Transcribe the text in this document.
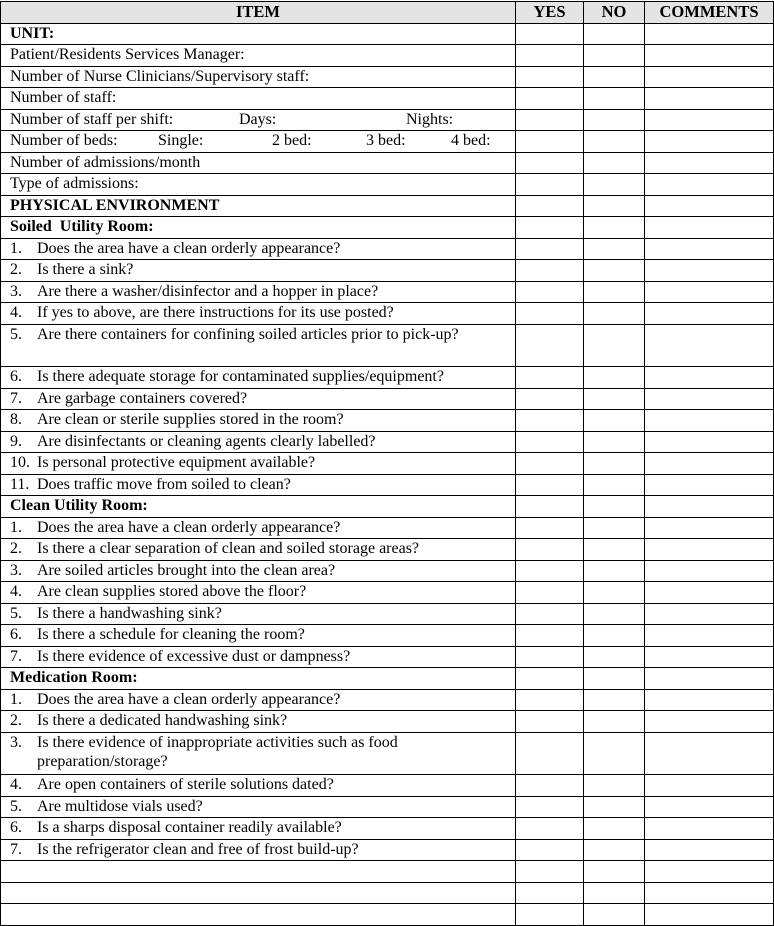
ITEM	YES	NO	COMMENTS
UNIT:			
Patient/Residents Services Manager:			
Number of Nurse Clinicians/Supervisory staff:			
Number of staff:			

Number of staff per shift: Days: Nights:			

Number of beds: Single: 2 bed: 3 bed: 4 bed:			

Number of admissions/month			
Type of admissions:			
PHYSICAL ENVIRONMENT			
Soiled  Utility Room:			

1. Does the area have a clean orderly appearance?			

2. Is there a sink?			

3. Are there a washer/disinfector and a hopper in place?			

4. If yes to above, are there instructions for its use posted?			

5. Are there containers for confining soiled articles prior to pick-up?			

6. Is there adequate storage for contaminated supplies/equipment?			

7. Are garbage containers covered?			

8. Are clean or sterile supplies stored in the room?			

9. Are disinfectants or cleaning agents clearly labelled?			

10. Is personal protective equipment available?			

11. Does traffic move from soiled to clean?			

Clean Utility Room:			

1. Does the area have a clean orderly appearance?			

2. Is there a clear separation of clean and soiled storage areas?			

3. Are soiled articles brought into the clean area?			

4. Are clean supplies stored above the floor?			

5. Is there a handwashing sink?			

6. Is there a schedule for cleaning the room?			

7. Is there evidence of excessive dust or dampness?			

Medication Room:			

1. Does the area have a clean orderly appearance?			

2. Is there a dedicated handwashing sink?			

3. Is there evidence of inappropriate activities such as food preparation/storage?			

4. Are open containers of sterile solutions dated?			

5. Are multidose vials used?			

6. Is a sharps disposal container readily available?			

7. Is the refrigerator clean and free of frost build-up?			
